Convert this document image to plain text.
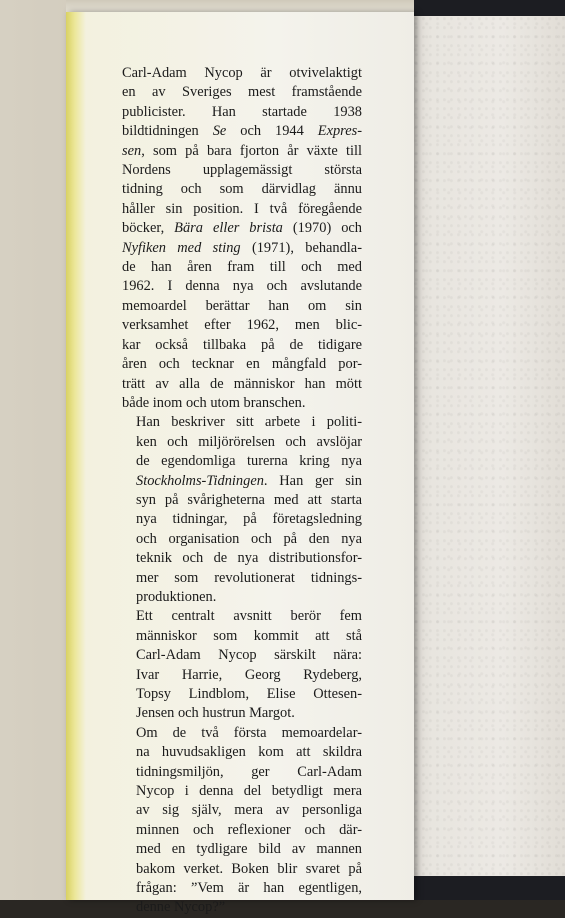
Carl-Adam Nycop är otvivelaktigt
en av Sveriges mest framstående
publicister. Han startade 1938
bildtidningen Se och 1944 Expres-
sen, som på bara fjorton år växte till
Nordens upplagemässigt största
tidning och som därvidlag ännu
håller sin position. I två föregående
böcker, Bära eller brista (1970) och
Nyfiken med sting (1971), behandla-
de han åren fram till och med
1962. I denna nya och avslutande
memoardel berättar han om sin
verksamhet efter 1962, men blic-
kar också tillbaka på de tidigare
åren och tecknar en mångfald por-
trätt av alla de människor han mött
både inom och utom branschen.

Han beskriver sitt arbete i politi-
ken och miljörörelsen och avslöjar
de egendomliga turerna kring nya
Stockholms-Tidningen. Han ger sin
syn på svårigheterna med att starta
nya tidningar, på företagsledning
och organisation och på den nya
teknik och de nya distributionsfor-
mer som revolutionerat tidnings-
produktionen.

Ett centralt avsnitt berör fem
människor som kommit att stå
Carl-Adam Nycop särskilt nära:
Ivar Harrie, Georg Rydeberg,
Topsy Lindblom, Elise Ottesen-
Jensen och hustrun Margot.

Om de två första memoardelar-
na huvudsakligen kom att skildra
tidningsmiljön, ger Carl-Adam
Nycop i denna del betydligt mera
av sig själv, mera av personliga
minnen och reflexioner och där-
med en tydligare bild av mannen
bakom verket. Boken blir svaret på
frågan: ”Vem är han egentligen,
denne Nycop?”
